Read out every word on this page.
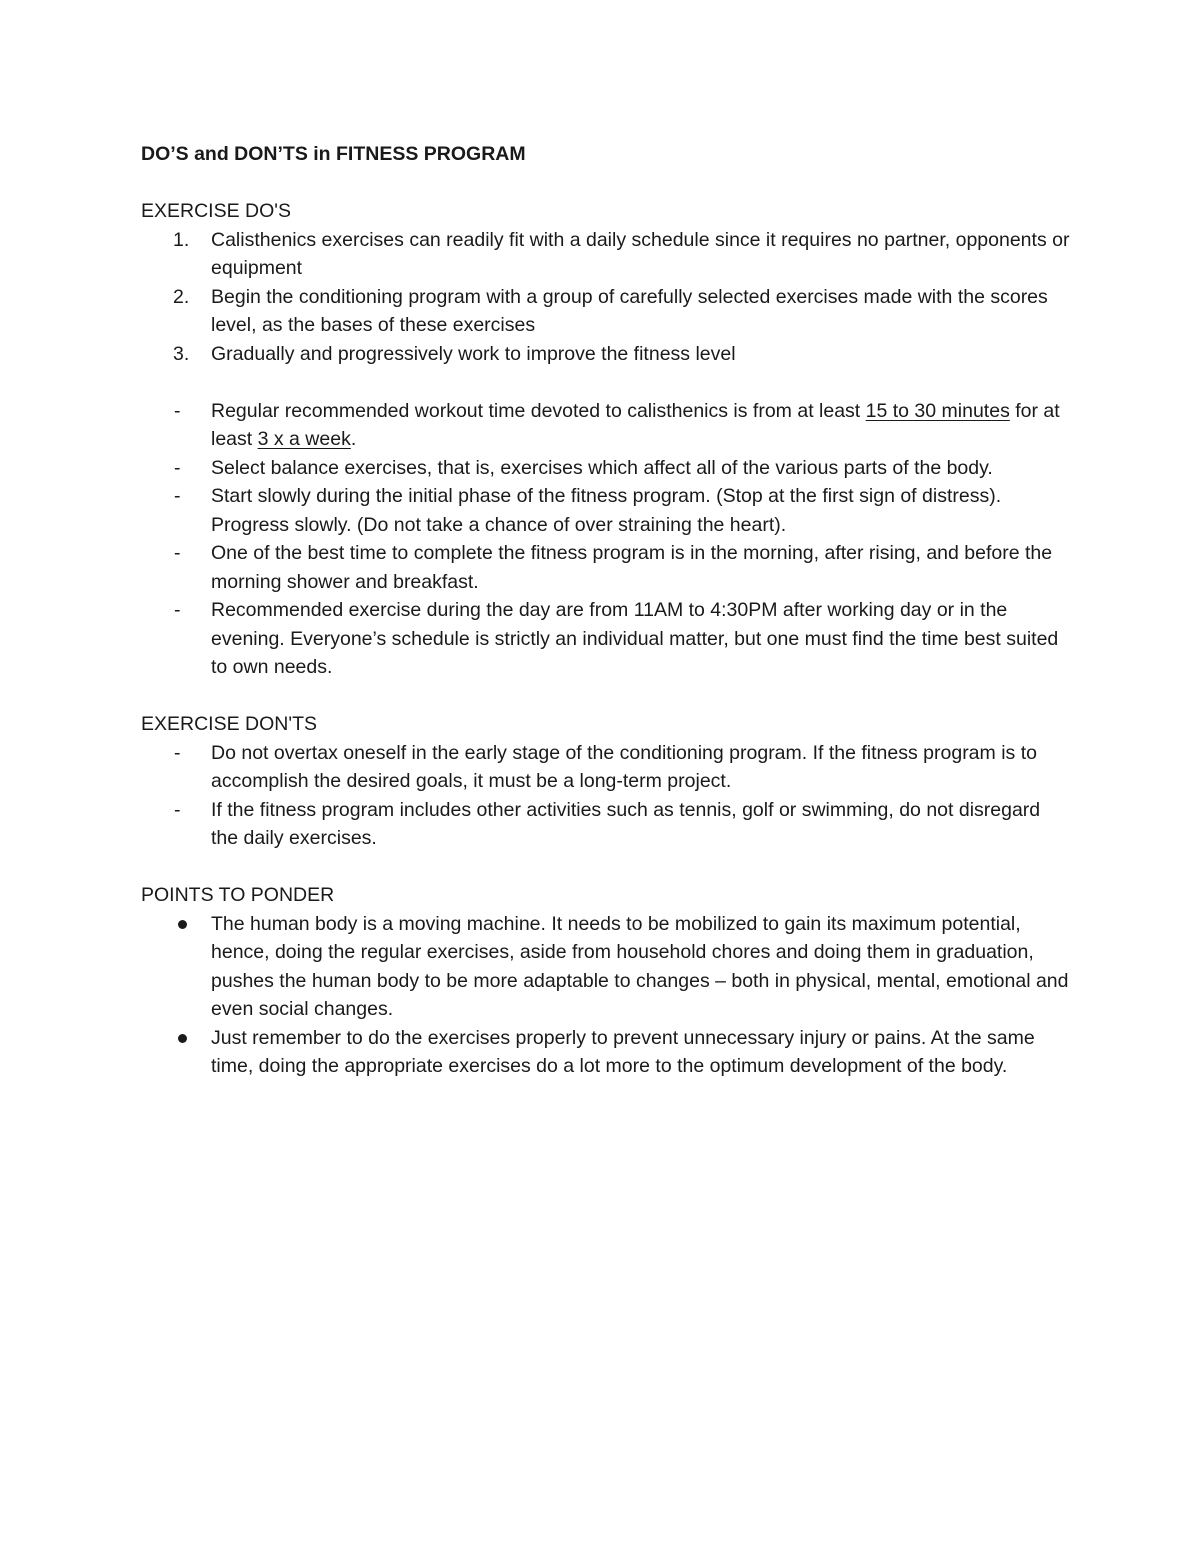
DO’S and DON’TS in FITNESS PROGRAM
EXERCISE DO'S
1.	Calisthenics exercises can readily fit with a daily schedule since it requires no partner, opponents or equipment
2.	Begin the conditioning program with a group of carefully selected exercises made with the scores level, as the bases of these exercises
3.	Gradually and progressively work to improve the fitness level
-	Regular recommended workout time devoted to calisthenics is from at least 15 to 30 minutes for at least 3 x a week.
-	Select balance exercises, that is, exercises which affect all of the various parts of the body.
-	Start slowly during the initial phase of the fitness program. (Stop at the first sign of distress). Progress slowly. (Do not take a chance of over straining the heart).
-	One of the best time to complete the fitness program is in the morning, after rising, and before the morning shower and breakfast.
-	Recommended exercise during the day are from 11AM to 4:30PM after working day or in the evening. Everyone’s schedule is strictly an individual matter, but one must find the time best suited to own needs.
EXERCISE DON'TS
-	Do not overtax oneself in the early stage of the conditioning program. If the fitness program is to accomplish the desired goals, it must be a long-term project.
-	If the fitness program includes other activities such as tennis, golf or swimming, do not disregard the daily exercises.
POINTS TO PONDER
The human body is a moving machine. It needs to be mobilized to gain its maximum potential, hence, doing the regular exercises, aside from household chores and doing them in graduation, pushes the human body to be more adaptable to changes – both in physical, mental, emotional and even social changes.
Just remember to do the exercises properly to prevent unnecessary injury or pains. At the same time, doing the appropriate exercises do a lot more to the optimum development of the body.
